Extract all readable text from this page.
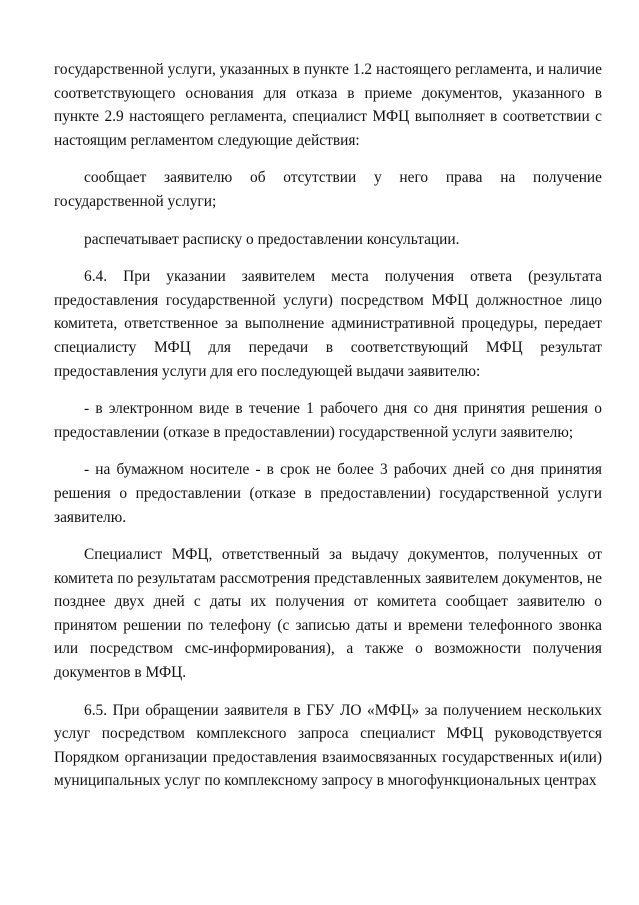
государственной услуги, указанных в пункте 1.2 настоящего регламента, и наличие соответствующего основания для отказа в приеме документов, указанного в пункте 2.9 настоящего регламента, специалист МФЦ выполняет в соответствии с настоящим регламентом следующие действия:

сообщает заявителю об отсутствии у него права на получение государственной услуги;

распечатывает расписку о предоставлении консультации.

6.4. При указании заявителем места получения ответа (результата предоставления государственной услуги) посредством МФЦ должностное лицо комитета, ответственное за выполнение административной процедуры, передает специалисту МФЦ для передачи в соответствующий МФЦ результат предоставления услуги для его последующей выдачи заявителю:

- в электронном виде в течение 1 рабочего дня со дня принятия решения о предоставлении (отказе в предоставлении) государственной услуги заявителю;

- на бумажном носителе - в срок не более 3 рабочих дней со дня принятия решения о предоставлении (отказе в предоставлении) государственной услуги заявителю.

Специалист МФЦ, ответственный за выдачу документов, полученных от комитета по результатам рассмотрения представленных заявителем документов, не позднее двух дней с даты их получения от комитета сообщает заявителю о принятом решении по телефону (с записью даты и времени телефонного звонка или посредством смс-информирования), а также о возможности получения документов в МФЦ.

6.5. При обращении заявителя в ГБУ ЛО «МФЦ» за получением нескольких услуг посредством комплексного запроса специалист МФЦ руководствуется Порядком организации предоставления взаимосвязанных государственных и(или) муниципальных услуг по комплексному запросу в многофункциональных центрах
